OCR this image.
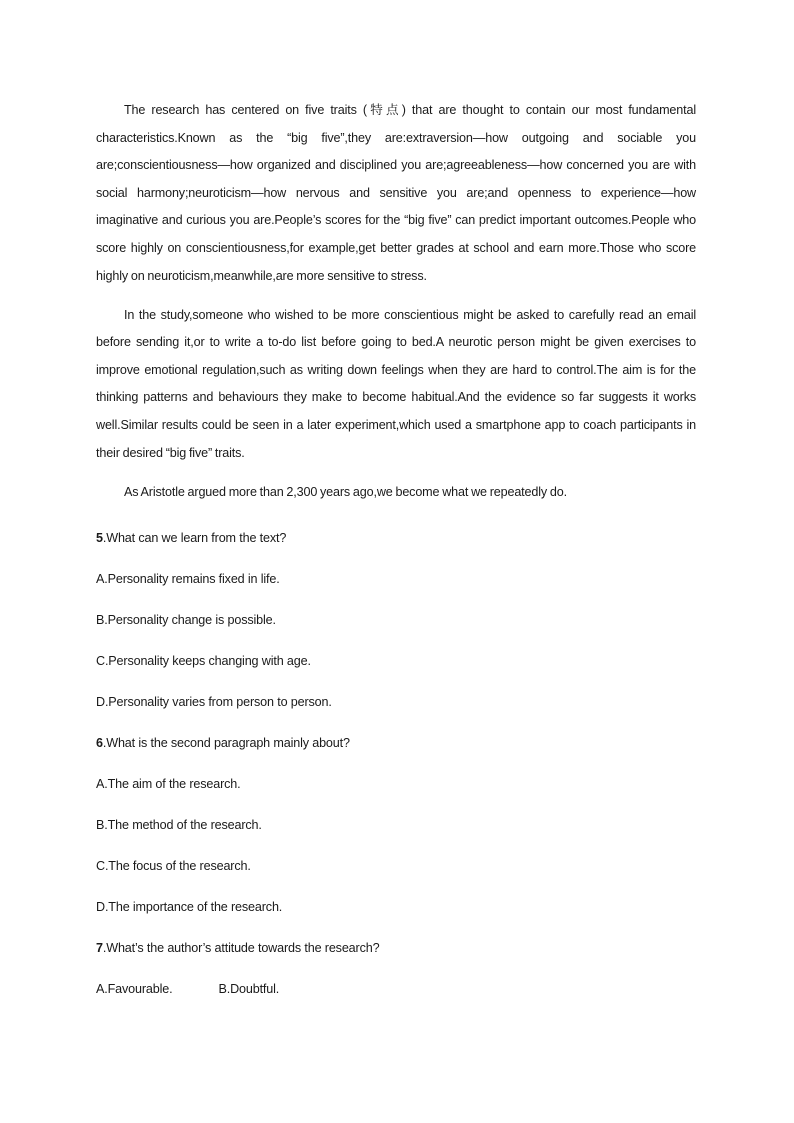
The research has centered on five traits (特点) that are thought to contain our most fundamental characteristics.Known as the “big five”,they are:extraversion—how outgoing and sociable you are;conscientiousness—how organized and disciplined you are;agreeableness—how concerned you are with social harmony;neuroticism—how nervous and sensitive you are;and openness to experience—how imaginative and curious you are.People’s scores for the “big five” can predict important outcomes.People who score highly on conscientiousness,for example,get better grades at school and earn more.Those who score highly on neuroticism,meanwhile,are more sensitive to stress.

In the study,someone who wished to be more conscientious might be asked to carefully read an email before sending it,or to write a to-do list before going to bed.A neurotic person might be given exercises to improve emotional regulation,such as writing down feelings when they are hard to control.The aim is for the thinking patterns and behaviours they make to become habitual.And the evidence so far suggests it works well.Similar results could be seen in a later experiment,which used a smartphone app to coach participants in their desired “big five” traits.

As Aristotle argued more than 2,300 years ago,we become what we repeatedly do.

5.What can we learn from the text?

A.Personality remains fixed in life.

B.Personality change is possible.

C.Personality keeps changing with age.

D.Personality varies from person to person.

6.What is the second paragraph mainly about?

A.The aim of the research.

B.The method of the research.

C.The focus of the research.

D.The importance of the research.

7.What’s the author’s attitude towards the research?

A.Favourable.	B.Doubtful.
